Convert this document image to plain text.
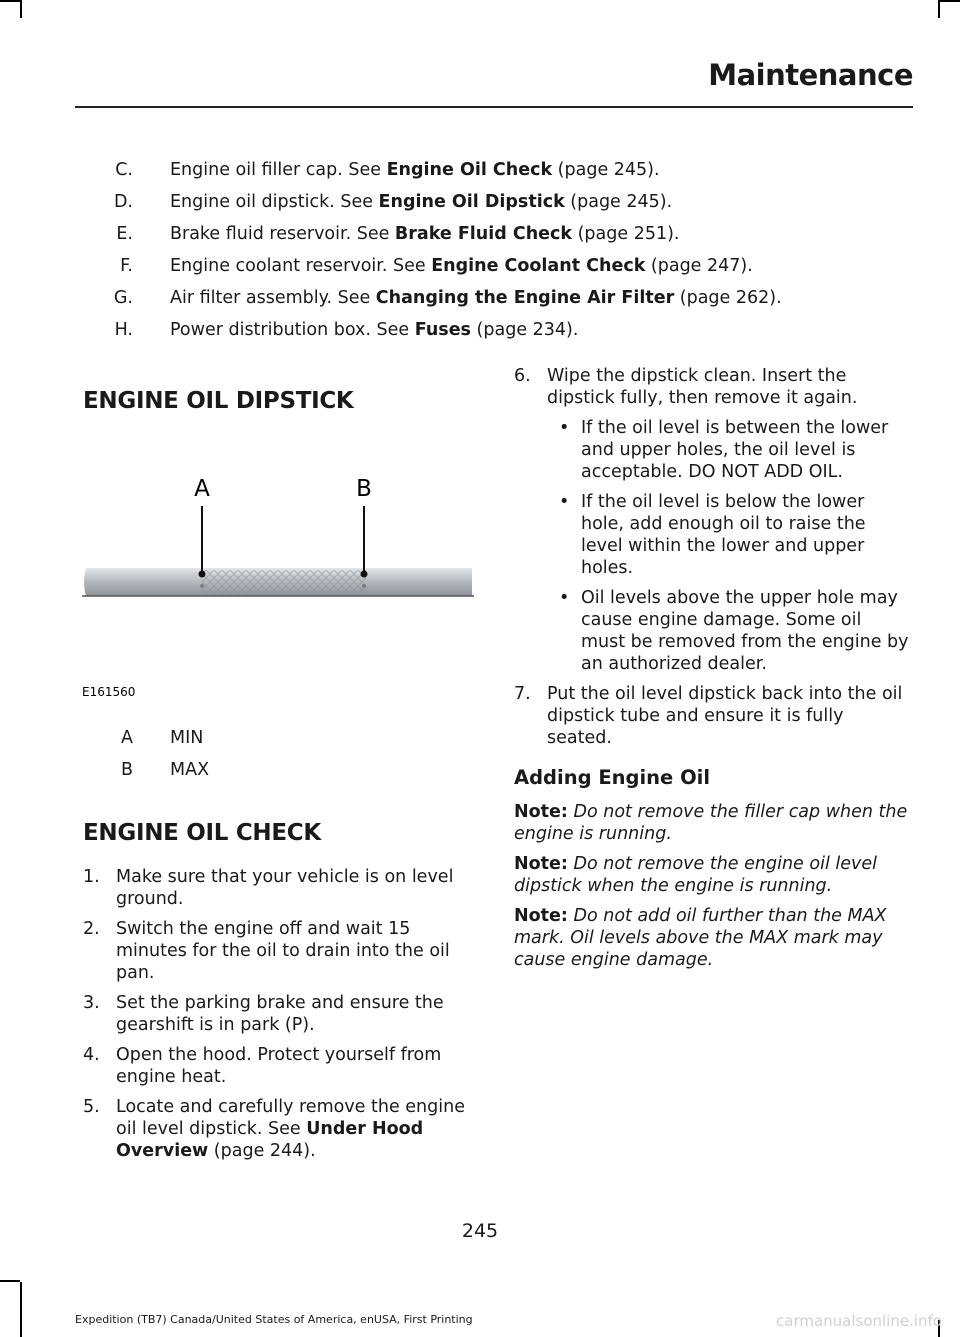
Maintenance
C.	Engine oil filler cap. See Engine Oil Check (page 245).
D.	Engine oil dipstick. See Engine Oil Dipstick (page 245).
E.	Brake fluid reservoir. See Brake Fluid Check (page 251).
F.	Engine coolant reservoir. See Engine Coolant Check (page 247).
G.	Air filter assembly. See Changing the Engine Air Filter (page 262).
H.	Power distribution box. See Fuses (page 234).
ENGINE OIL DIPSTICK
A	B
E161560
A	MIN
B	MAX
ENGINE OIL CHECK
1. Make sure that your vehicle is on level ground.
2. Switch the engine off and wait 15 minutes for the oil to drain into the oil pan.
3. Set the parking brake and ensure the gearshift is in park (P).
4. Open the hood. Protect yourself from engine heat.
5. Locate and carefully remove the engine oil level dipstick. See Under Hood Overview (page 244).
6. Wipe the dipstick clean. Insert the dipstick fully, then remove it again.
• If the oil level is between the lower and upper holes, the oil level is acceptable. DO NOT ADD OIL.
• If the oil level is below the lower hole, add enough oil to raise the level within the lower and upper holes.
• Oil levels above the upper hole may cause engine damage. Some oil must be removed from the engine by an authorized dealer.
7. Put the oil level dipstick back into the oil dipstick tube and ensure it is fully seated.
Adding Engine Oil

Note: Do not remove the filler cap when the engine is running.

Note: Do not remove the engine oil level dipstick when the engine is running.

Note: Do not add oil further than the MAX mark. Oil levels above the MAX mark may cause engine damage.

245
Expedition (TB7) Canada/United States of America, enUSA, First Printing	carmanualsonline.info
